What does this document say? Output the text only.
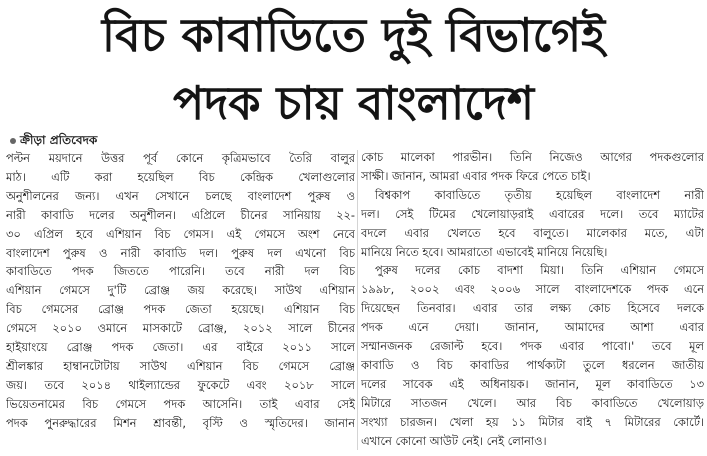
বিচ কাবাডিতে দুই বিভাগেই
পদক চায় বাংলাদেশ
ক্রীড়া প্রতিবেদক

পল্টন ময়দানে উত্তর পূর্ব কোনে কৃত্রিমভাবে তৈরি বালুর

মাঠ। এটি করা হয়েছিল বিচ কেন্দ্রিক খেলাগুলোর

অনুশীলনের জন্য। এখন সেখানে চলছে বাংলাদেশ পুরুষ ও

নারী কাবাডি দলের অনুশীলন। এপ্রিলে চীনের সানিয়ায় ২২-

৩০ এপ্রিল হবে এশিয়ান বিচ গেমস। এই গেমসে অংশ নেবে

বাংলাদেশ পুরুষ ও নারী কাবাডি দল। পুরুষ দল এখনো বিচ

কাবাডিতে পদক জিততে পারেনি। তবে নারী দল বিচ

এশিয়ান গেমসে দু'টি ব্রোঞ্জ জয় করেছে। সাউথ এশিয়ান

বিচ গেমসের ব্রোঞ্জ পদক জেতা হয়েছে। এশিয়ান বিচ

গেমসে ২০১০ ওমানে মাসকাটে ব্রোঞ্জ, ২০১২ সালে চীনের

হাইয়াংয়ে ব্রোঞ্জ পদক জেতা। এর বাইরে ২০১১ সালে

শ্রীলঙ্কার হাম্বানটোটায় সাউথ এশিয়ান বিচ গেমসে ব্রোঞ্জ

জয়। তবে ২০১৪ থাইল্যান্ডের ফুকেটে এবং ২০১৮ সালে

ভিয়েতনামের বিচ গেমসে পদক আসেনি। তাই এবার সেই

পদক পুনরুদ্ধারের মিশন শ্রাবন্তী, বৃস্টি ও স্মৃতিদের। জানান

কোচ মালেকা পারভীন। তিনি নিজেও আগের পদকগুলোর

সাক্ষী। জানান, আমরা এবার পদক ফিরে পেতে চাই।

বিশ্বকাপ কাবাডিতে তৃতীয় হয়েছিল বাংলাদেশ নারী

দল। সেই টিমের খেলোয়াড়রাই এবারের দলে। তবে ম্যাটের

বদলে এবার খেলতে হবে বালুতে। মালেকার মতে, এটা

মানিয়ে নিতে হবে। আমরাতো এভাবেই মানিয়ে নিয়েছি।

পুরুষ দলের কোচ বাদশা মিয়া। তিনি এশিয়ান গেমসে

১৯৯৮, ২০০২ এবং ২০০৬ সালে বাংলাদেশকে পদক এনে

দিয়েছেন তিনবার। এবার তার লক্ষ্য কোচ হিসেবে দলকে

পদক এনে দেয়া। জানান, আমাদের আশা এবার

সম্মানজনক রেজাল্ট হবে। পদক এবার পাবো।' তবে মূল

কাবাডি ও বিচ কাবাডির পার্থক্যটা তুলে ধরলেন জাতীয়

দলের সাবেক এই অধিনায়ক। জানান, মূল কাবাডিতে ১৩

মিটারে সাতজন খেলে। আর বিচ কাবাডিতে খেলোয়াড়

সংখ্যা চারজন। খেলা হয় ১১ মিটার বাই ৭ মিটারের কোর্টে।

এখানে কোনো আউট নেই। নেই লোনাও।
